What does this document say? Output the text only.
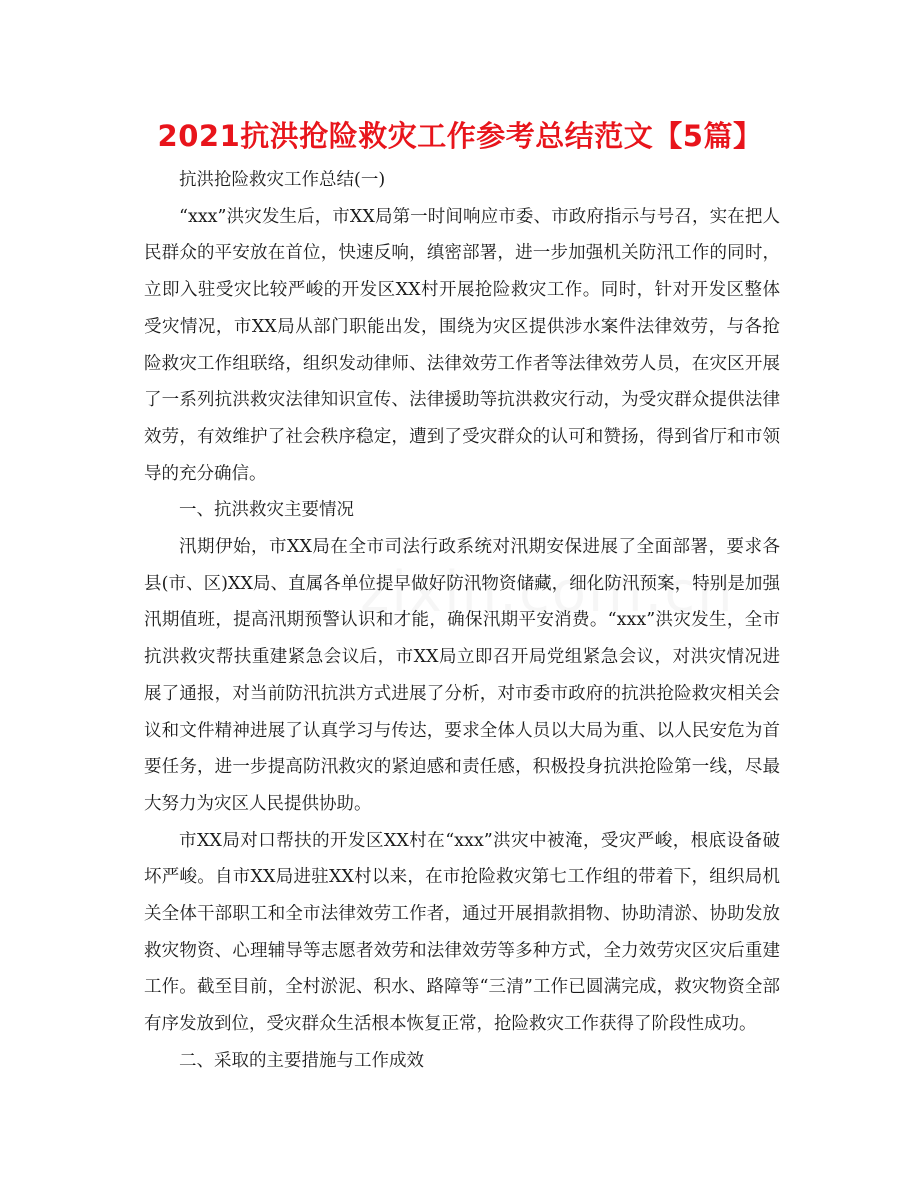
2021抗洪抢险救灾工作参考总结范文【5篇】

抗洪抢险救灾工作总结(一)

“xxx”洪灾发生后，市XX局第一时间响应市委、市政府指示与号召，实在把人民群众的平安放在首位，快速反响，缜密部署，进一步加强机关防汛工作的同时，立即入驻受灾比较严峻的开发区XX村开展抢险救灾工作。同时，针对开发区整体受灾情况，市XX局从部门职能出发，围绕为灾区提供涉水案件法律效劳，与各抢险救灾工作组联络，组织发动律师、法律效劳工作者等法律效劳人员，在灾区开展了一系列抗洪救灾法律知识宣传、法律援助等抗洪救灾行动，为受灾群众提供法律效劳，有效维护了社会秩序稳定，遭到了受灾群众的认可和赞扬，得到省厅和市领导的充分确信。

一、抗洪救灾主要情况

汛期伊始，市XX局在全市司法行政系统对汛期安保进展了全面部署，要求各县(市、区)XX局、直属各单位提早做好防汛物资储藏，细化防汛预案，特别是加强汛期值班，提高汛期预警认识和才能，确保汛期平安消费。“xxx”洪灾发生，全市抗洪救灾帮扶重建紧急会议后，市XX局立即召开局党组紧急会议，对洪灾情况进展了通报，对当前防汛抗洪方式进展了分析，对市委市政府的抗洪抢险救灾相关会议和文件精神进展了认真学习与传达，要求全体人员以大局为重、以人民安危为首要任务，进一步提高防汛救灾的紧迫感和责任感，积极投身抗洪抢险第一线，尽最大努力为灾区人民提供协助。

市XX局对口帮扶的开发区XX村在“xxx”洪灾中被淹，受灾严峻，根底设备破坏严峻。自市XX局进驻XX村以来，在市抢险救灾第七工作组的带着下，组织局机关全体干部职工和全市法律效劳工作者，通过开展捐款捐物、协助清淤、协助发放救灾物资、心理辅导等志愿者效劳和法律效劳等多种方式，全力效劳灾区灾后重建工作。截至目前，全村淤泥、积水、路障等“三清”工作已圆满完成，救灾物资全部有序发放到位，受灾群众生活根本恢复正常，抢险救灾工作获得了阶段性成功。

二、采取的主要措施与工作成效
